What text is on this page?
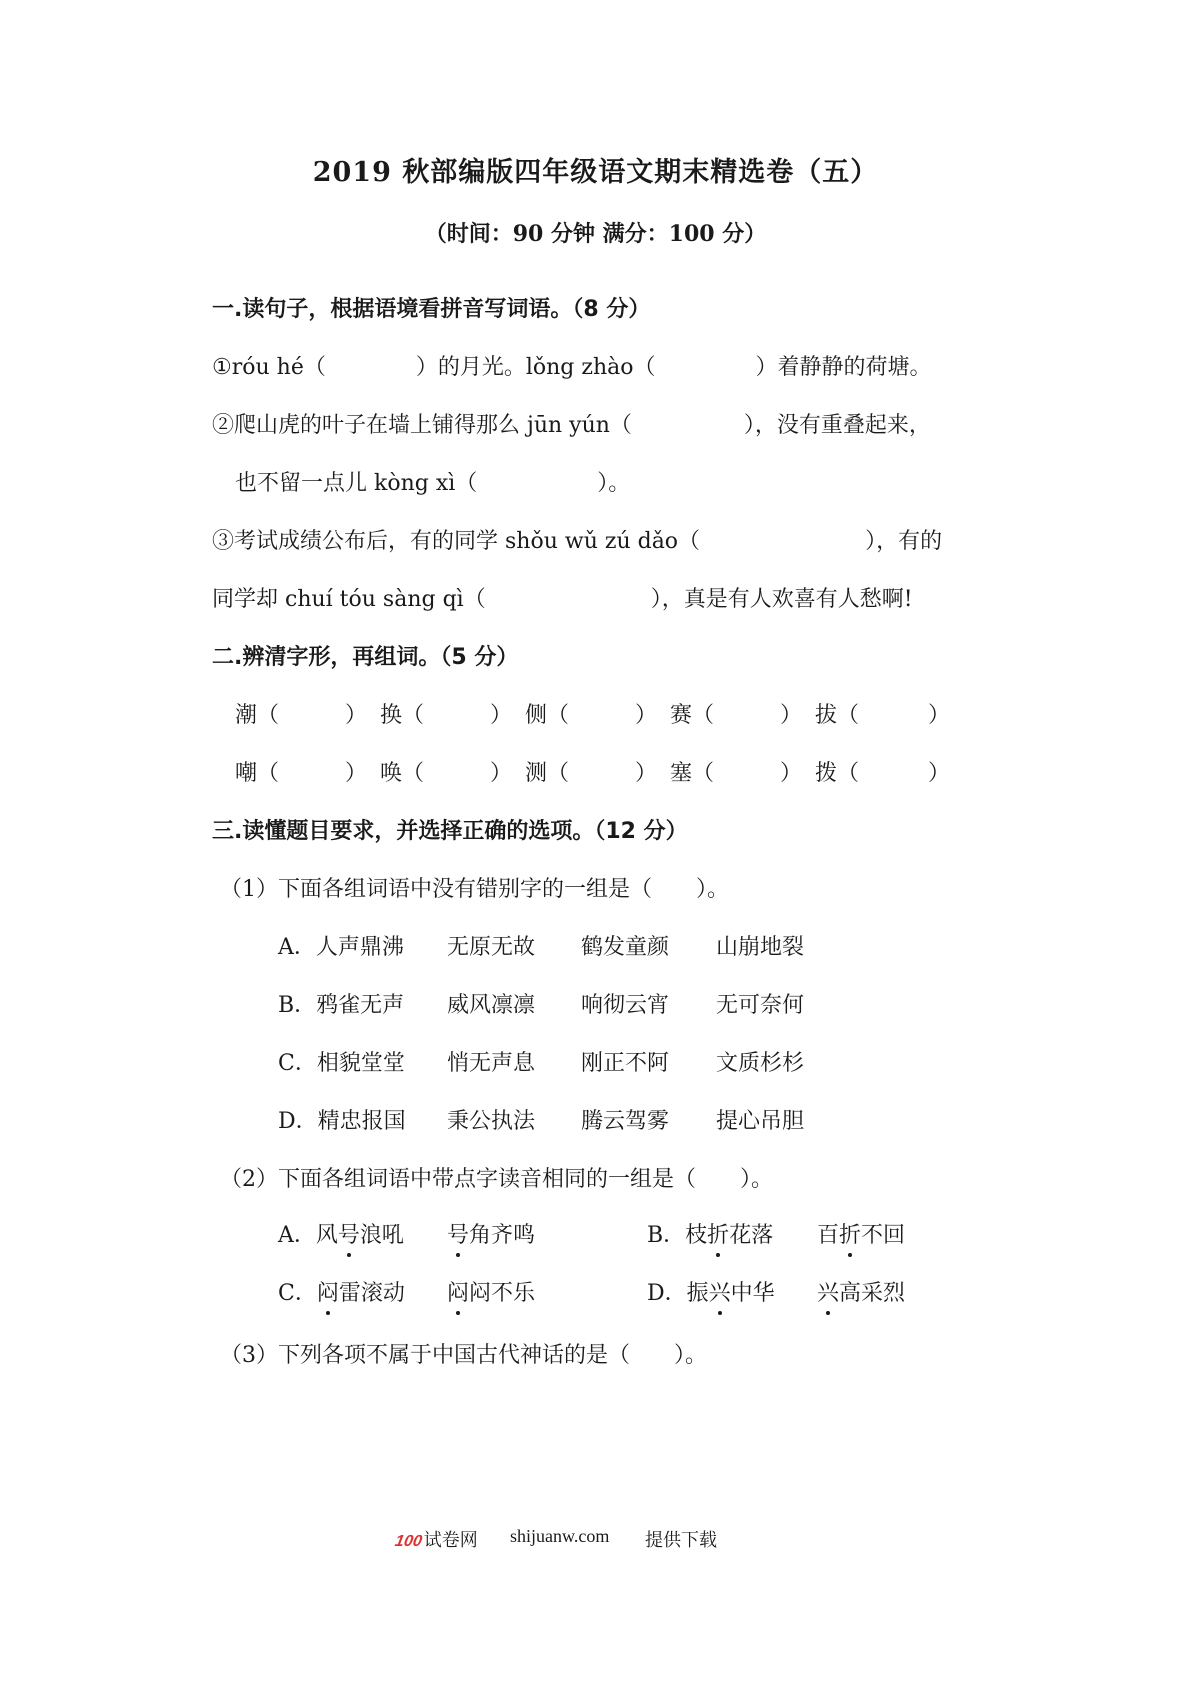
2019 秋部编版四年级语文期末精选卷（五）
（时间：90 分钟 满分：100 分）
一.读句子，根据语境看拼音写词语。（8 分）
①róu hé（	）的月光。lǒng zhào（	）着静静的荷塘。
②爬山虎的叶子在墙上铺得那么 jūn yún（	），没有重叠起来，
也不留一点儿 kòng xì（	）。
③考试成绩公布后，有的同学 shǒu wǔ zú dǎo（	），有的
同学却 chuí tóu sàng qì（	），真是有人欢喜有人愁啊!
二.辨清字形，再组词。（5 分）
潮（	） 换（	） 侧（	） 赛（	） 拔（	）
嘲（	） 唤（	） 测（	） 塞（	） 拨（	）
三.读懂题目要求，并选择正确的选项。（12 分）
（1）下面各组词语中没有错别字的一组是（　　）。
A．人声鼎沸 无原无故 鹤发童颜 山崩地裂
B．鸦雀无声 威风凛凛 响彻云宵 无可奈何
C．相貌堂堂 悄无声息 刚正不阿 文质杉杉
D．精忠报国 秉公执法 腾云驾雾 提心吊胆
（2）下面各组词语中带点字读音相同的一组是（　　）。
A．风号浪吼 号角齐鸣	B．枝折花落 百折不回
C．闷雷滚动 闷闷不乐	D．振兴中华 兴高采烈
（3）下列各项不属于中国古代神话的是（　　）。
100试卷网 shijuanw.com 提供下载
